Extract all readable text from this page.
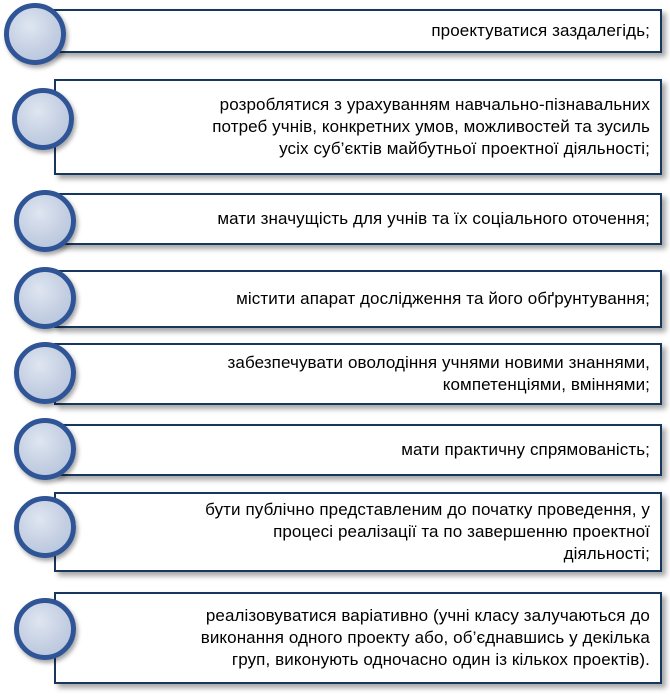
проектуватися заздалегідь;
розроблятися з урахуванням навчально-пізнавальних
потреб учнів, конкретних умов, можливостей та зусиль
усіх суб’єктів майбутньої проектної діяльності;
мати значущість для учнів та їх соціального оточення;
містити апарат дослідження та його обґрунтування;
забезпечувати оволодіння учнями новими знаннями,
компетенціями, вміннями;
мати практичну спрямованість;
бути публічно представленим до початку проведення, у
процесі реалізації та по завершенню проектної
діяльності;
реалізовуватися варіативно (учні класу залучаються до
виконання одного проекту або, об’єднавшись у декілька
груп, виконують одночасно один із кількох проектів).
